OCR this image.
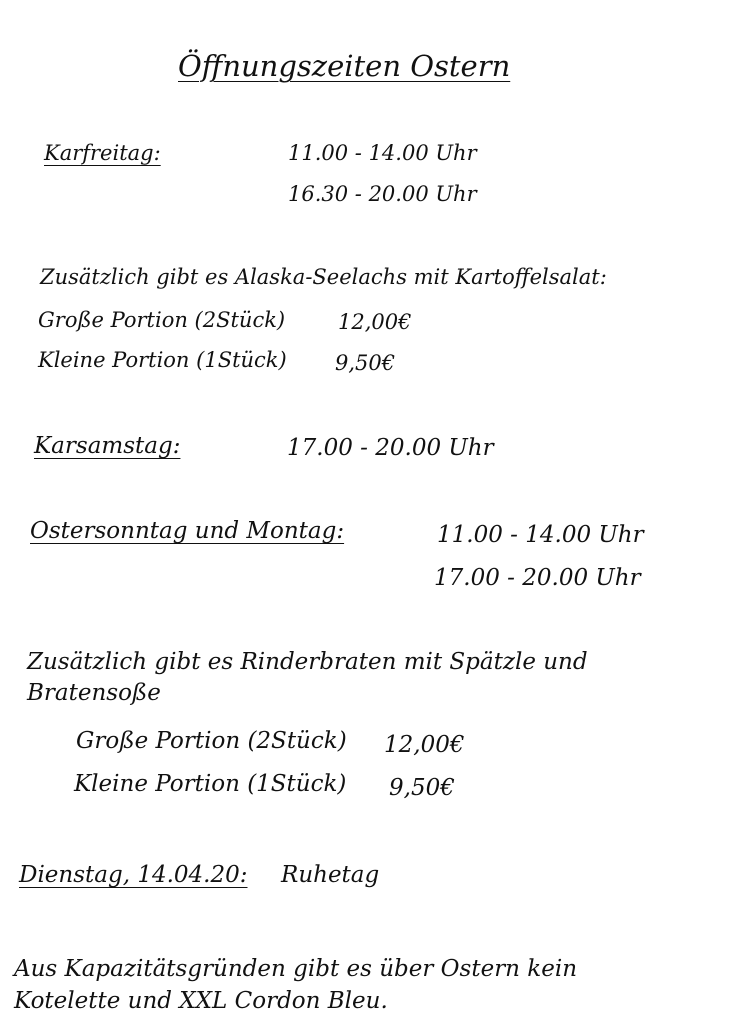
Öffnungszeiten Ostern
Karfreitag:	11.00 - 14.00 Uhr
16.30 - 20.00 Uhr
Zusätzlich gibt es Alaska-Seelachs mit Kartoffelsalat:
Große Portion (2Stück)	12,00€
Kleine Portion (1Stück) 9,50€
Karsamstag:	17.00 - 20.00 Uhr
Ostersonntag und Montag:	11.00 - 14.00 Uhr
17.00 - 20.00 Uhr
Zusätzlich gibt es Rinderbraten mit Spätzle und
Bratensoße
Große Portion (2Stück) 12,00€
Kleine Portion (1Stück) 9,50€
Dienstag, 14.04.20: Ruhetag
Aus Kapazitätsgründen gibt es über Ostern kein
Kotelette und XXL Cordon Bleu.
